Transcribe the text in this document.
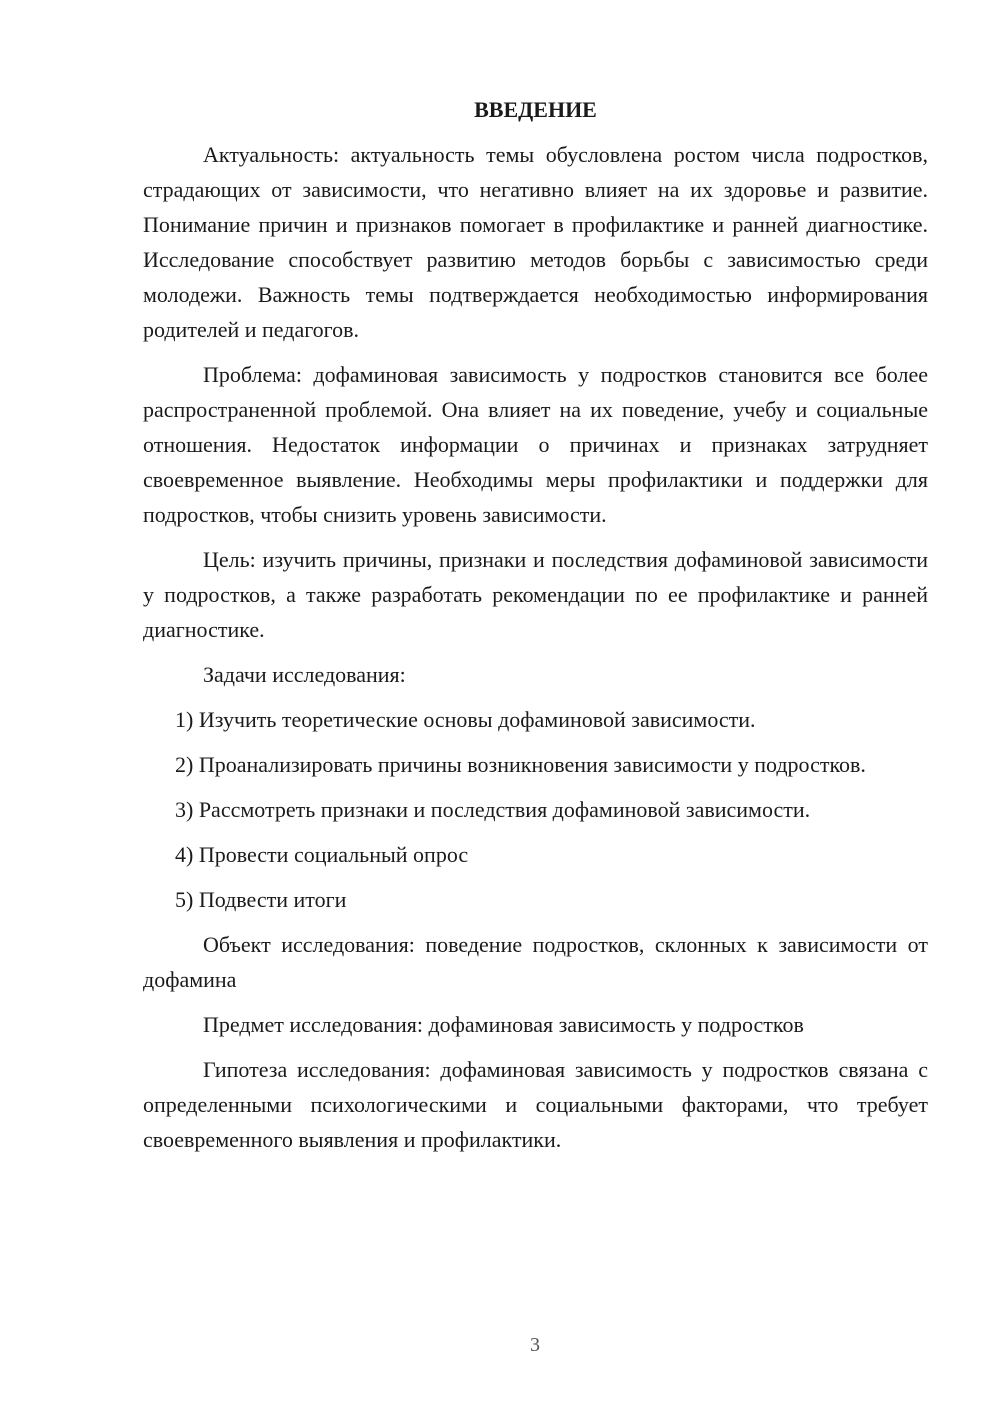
ВВЕДЕНИЕ

Актуальность: актуальность темы обусловлена ростом числа подростков, страдающих от зависимости, что негативно влияет на их здоровье и развитие. Понимание причин и признаков помогает в профилактике и ранней диагностике. Исследование способствует развитию методов борьбы с зависимостью среди молодежи. Важность темы подтверждается необходимостью информирования родителей и педагогов.

Проблема: дофаминовая зависимость у подростков становится все более распространенной проблемой. Она влияет на их поведение, учебу и социальные отношения. Недостаток информации о причинах и признаках затрудняет своевременное выявление. Необходимы меры профилактики и поддержки для подростков, чтобы снизить уровень зависимости.

Цель: изучить причины, признаки и последствия дофаминовой зависимости у подростков, а также разработать рекомендации по ее профилактике и ранней диагностике.

Задачи исследования:

1) Изучить теоретические основы дофаминовой зависимости.

2) Проанализировать причины возникновения зависимости у подростков.

3) Рассмотреть признаки и последствия дофаминовой зависимости.

4) Провести социальный опрос

5) Подвести итоги

Объект исследования: поведение подростков, склонных к зависимости от дофамина

Предмет исследования: дофаминовая зависимость у подростков

Гипотеза исследования: дофаминовая зависимость у подростков связана с определенными психологическими и социальными факторами, что требует своевременного выявления и профилактики.

3
